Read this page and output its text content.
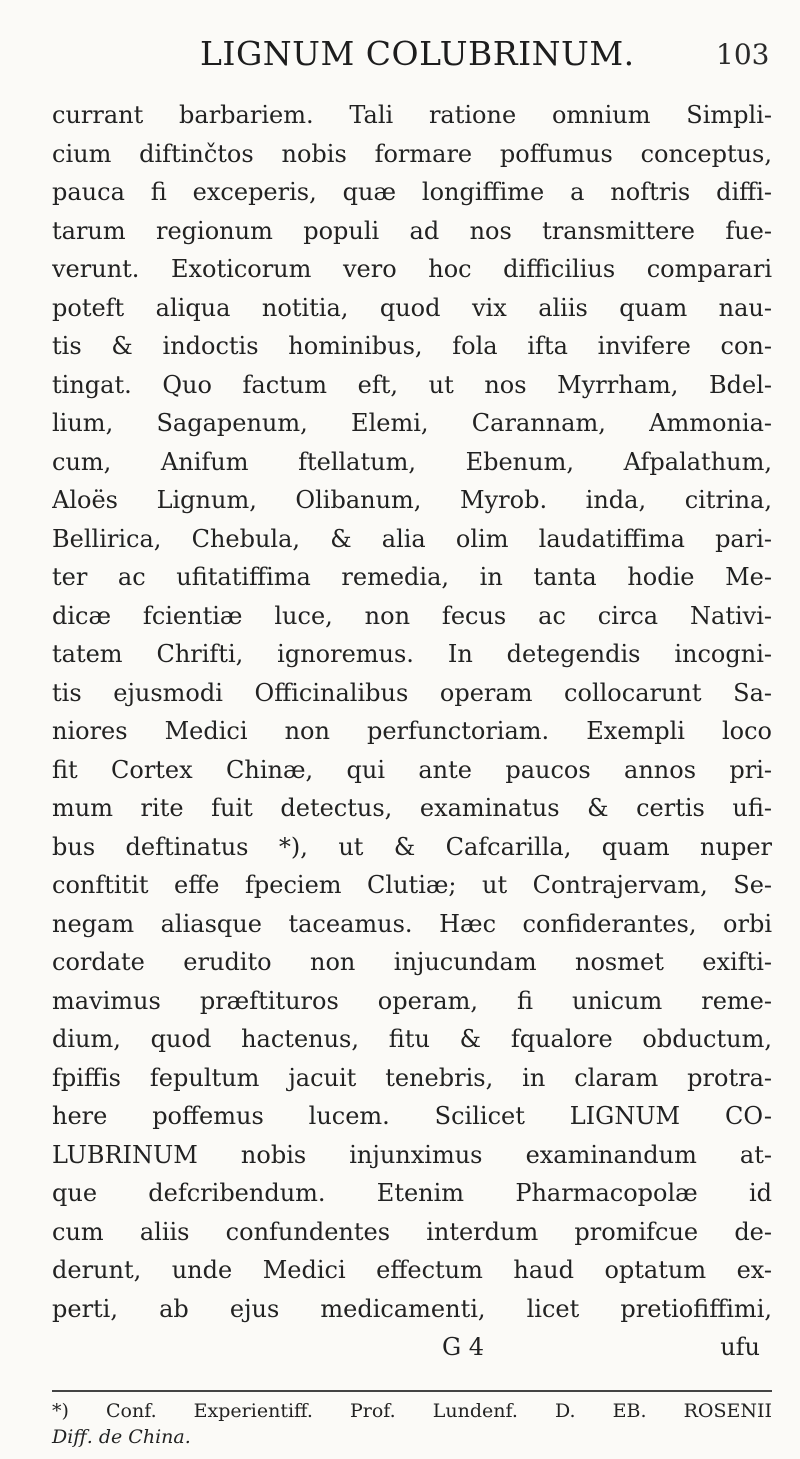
LIGNUM COLUBRINUM.	103
currant barbariem. Tali ratione omnium Simpli-
cium diftinčtos nobis formare poffumus conceptus,
pauca fi exceperis, quæ longiffime a noftris diffi-
tarum regionum populi ad nos transmittere fue-
verunt. Exoticorum vero hoc difficilius comparari
poteft aliqua notitia, quod vix aliis quam nau-
tis & indoctis hominibus, fola ifta invifere con-
tingat. Quo factum eft, ut nos Myrrham, Bdel-
lium, Sagapenum, Elemi, Carannam, Ammonia-
cum, Anifum ftellatum, Ebenum, Afpalathum,
Aloës Lignum, Olibanum, Myrob. inda, citrina,
Bellirica, Chebula, & alia olim laudatiffima pari-
ter ac ufitatiffima remedia, in tanta hodie Me-
dicæ fcientiæ luce, non fecus ac circa Nativi-
tatem Chrifti, ignoremus. In detegendis incogni-
tis ejusmodi Officinalibus operam collocarunt Sa-
niores Medici non perfunctoriam. Exempli loco
fit Cortex Chinæ, qui ante paucos annos pri-
mum rite fuit detectus, examinatus & certis ufi-
bus deftinatus *), ut & Cafcarilla, quam nuper
conftitit effe fpeciem Clutiæ; ut Contrajervam, Se-
negam aliasque taceamus. Hæc confiderantes, orbi
cordate erudito non injucundam nosmet exifti-
mavimus præftituros operam, fi unicum reme-
dium, quod hactenus, fitu & fqualore obductum,
fpiffis fepultum jacuit tenebris, in claram protra-
here poffemus lucem. Scilicet LIGNUM CO-
LUBRINUM nobis injunximus examinandum at-
que defcribendum. Etenim Pharmacopolæ id
cum aliis confundentes interdum promifcue de-
derunt, unde Medici effectum haud optatum ex-
perti, ab ejus medicamenti, licet pretiofiffimi,
G 4	ufu
*) Conf. Experientiff. Prof. Lundenf. D. EB. ROSENII
Diff. de China.
